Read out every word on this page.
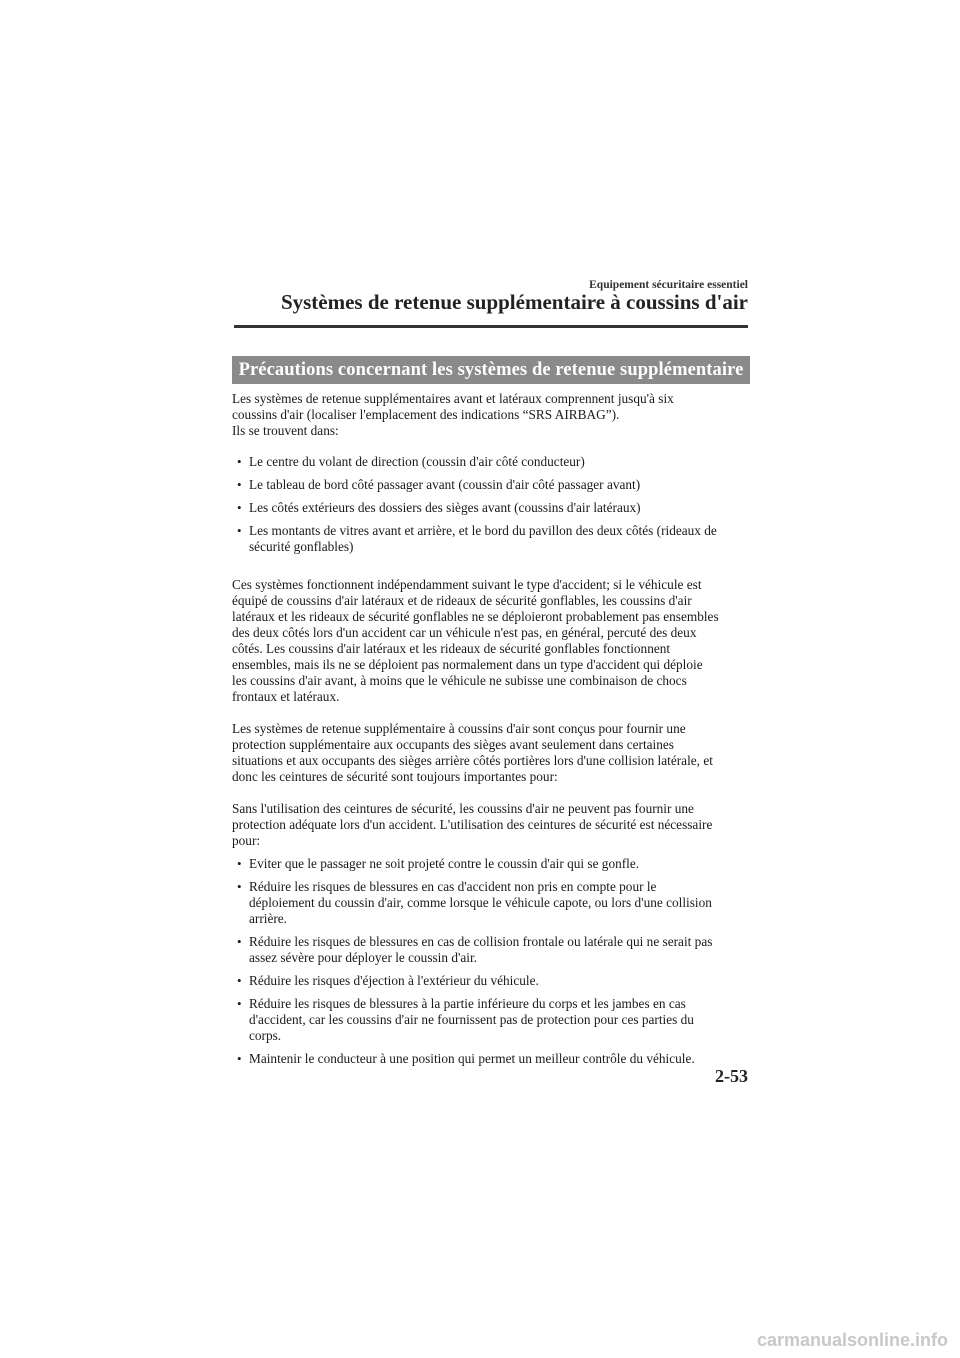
Equipement sécuritaire essentiel
Systèmes de retenue supplémentaire à coussins d'air
Précautions concernant les systèmes de retenue supplémentaire

Les systèmes de retenue supplémentaires avant et latéraux comprennent jusqu'à six
coussins d'air (localiser l'emplacement des indications “SRS AIRBAG”).
Ils se trouvent dans:

• Le centre du volant de direction (coussin d'air côté conducteur)
• Le tableau de bord côté passager avant (coussin d'air côté passager avant)
• Les côtés extérieurs des dossiers des sièges avant (coussins d'air latéraux)
• Les montants de vitres avant et arrière, et le bord du pavillon des deux côtés (rideaux de
sécurité gonflables)

Ces systèmes fonctionnent indépendamment suivant le type d'accident; si le véhicule est
équipé de coussins d'air latéraux et de rideaux de sécurité gonflables, les coussins d'air
latéraux et les rideaux de sécurité gonflables ne se déploieront probablement pas ensembles
des deux côtés lors d'un accident car un véhicule n'est pas, en général, percuté des deux
côtés. Les coussins d'air latéraux et les rideaux de sécurité gonflables fonctionnent
ensembles, mais ils ne se déploient pas normalement dans un type d'accident qui déploie
les coussins d'air avant, à moins que le véhicule ne subisse une combinaison de chocs
frontaux et latéraux.

Les systèmes de retenue supplémentaire à coussins d'air sont conçus pour fournir une
protection supplémentaire aux occupants des sièges avant seulement dans certaines
situations et aux occupants des sièges arrière côtés portières lors d'une collision latérale, et
donc les ceintures de sécurité sont toujours importantes pour:

Sans l'utilisation des ceintures de sécurité, les coussins d'air ne peuvent pas fournir une
protection adéquate lors d'un accident. L'utilisation des ceintures de sécurité est nécessaire
pour:

• Eviter que le passager ne soit projeté contre le coussin d'air qui se gonfle.
• Réduire les risques de blessures en cas d'accident non pris en compte pour le
déploiement du coussin d'air, comme lorsque le véhicule capote, ou lors d'une collision
arrière.
• Réduire les risques de blessures en cas de collision frontale ou latérale qui ne serait pas
assez sévère pour déployer le coussin d'air.
• Réduire les risques d'éjection à l'extérieur du véhicule.
• Réduire les risques de blessures à la partie inférieure du corps et les jambes en cas
d'accident, car les coussins d'air ne fournissent pas de protection pour ces parties du
corps.
• Maintenir le conducteur à une position qui permet un meilleur contrôle du véhicule.
2-53
carmanualsonline.info
